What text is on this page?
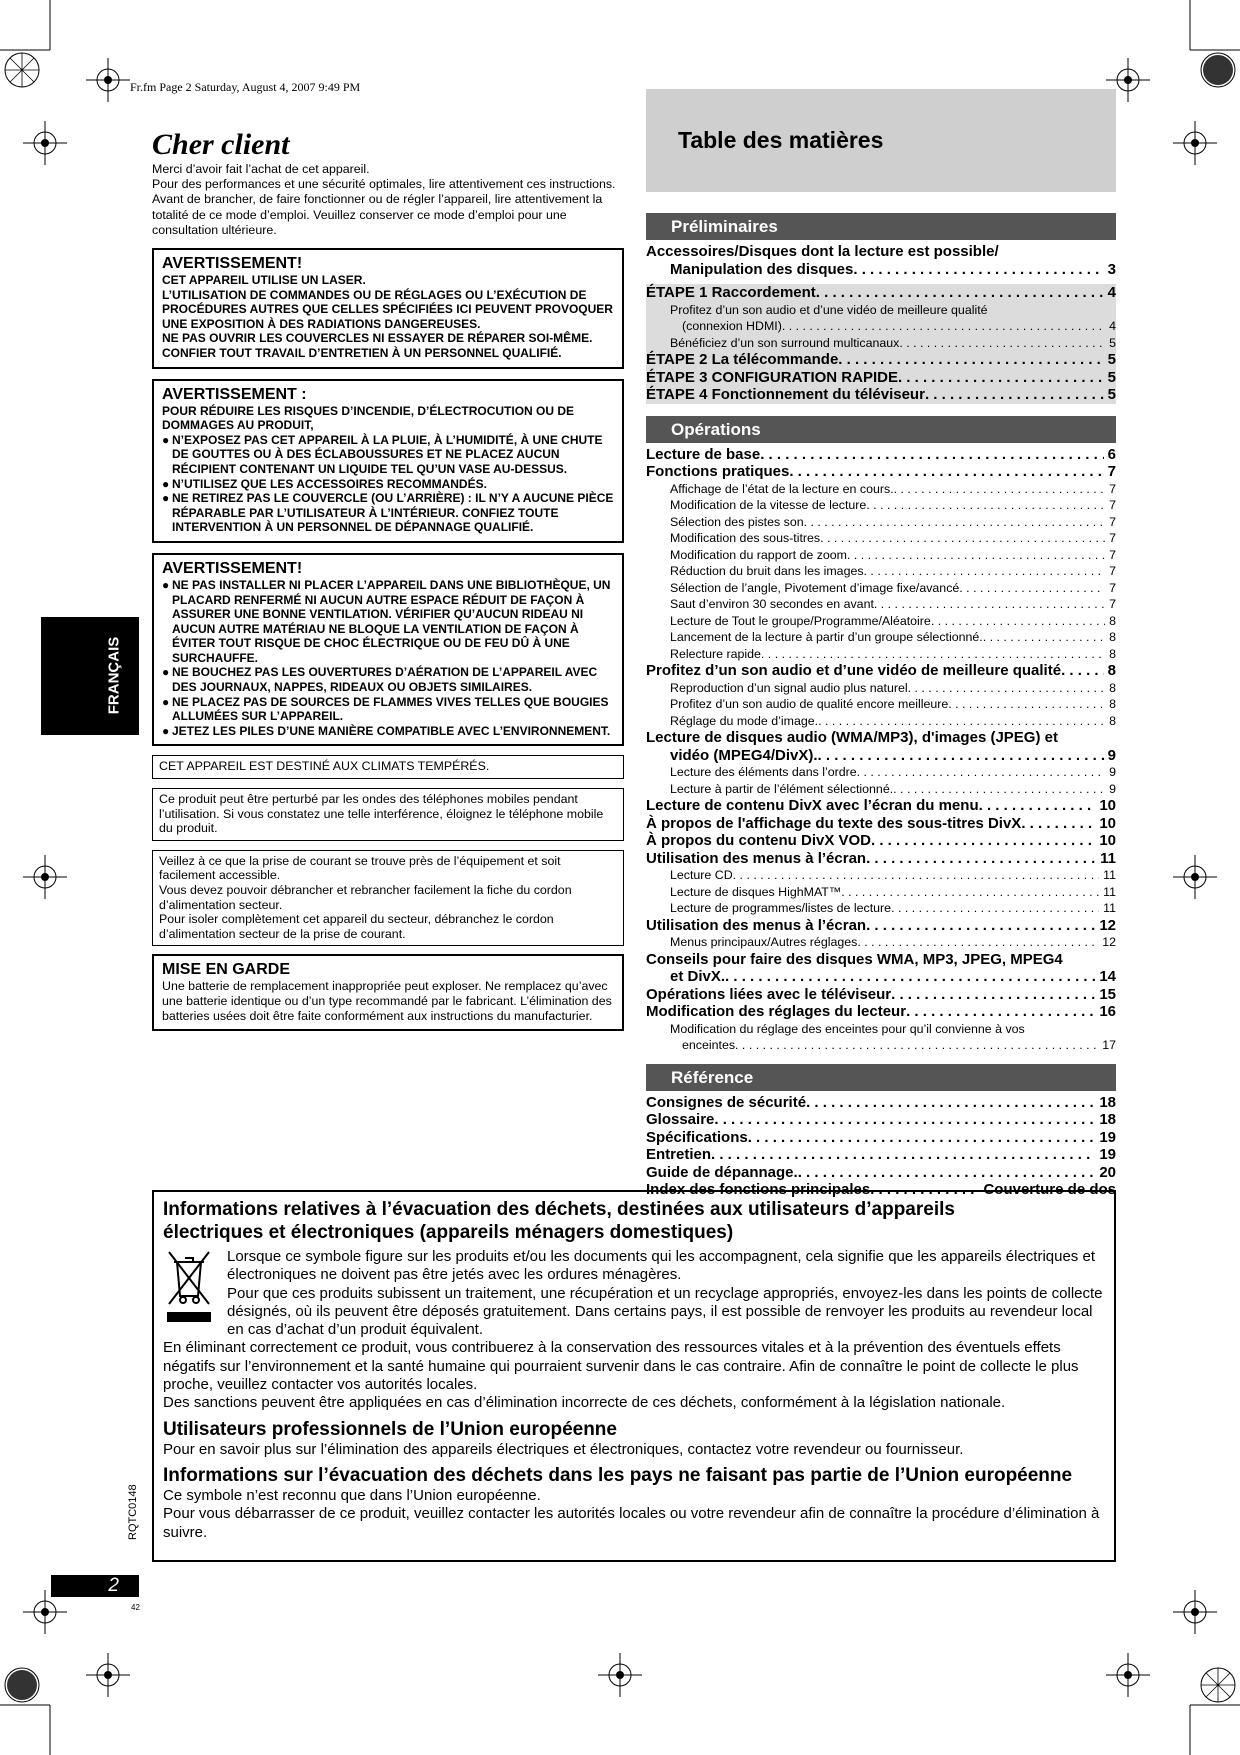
Fr.fm Page 2 Saturday, August 4, 2007 9:49 PM
FRANÇAIS
Cher client

Merci d’avoir fait l’achat de cet appareil.

Pour des performances et une sécurité optimales, lire attentivement ces instructions.

Avant de brancher, de faire fonctionner ou de régler l’appareil, lire attentivement la totalité de ce mode d’emploi. Veuillez conserver ce mode d’emploi pour une consultation ultérieure.

AVERTISSEMENT!
CET APPAREIL UTILISE UN LASER.
L’UTILISATION DE COMMANDES OU DE RÉGLAGES OU L’EXÉCUTION DE PROCÉDURES AUTRES QUE CELLES SPÉCIFIÉES ICI PEUVENT PROVOQUER UNE EXPOSITION À DES RADIATIONS DANGEREUSES.
NE PAS OUVRIR LES COUVERCLES NI ESSAYER DE RÉPARER SOI-MÊME. CONFIER TOUT TRAVAIL D’ENTRETIEN À UN PERSONNEL QUALIFIÉ.
AVERTISSEMENT :
POUR RÉDUIRE LES RISQUES D’INCENDIE, D’ÉLECTROCUTION OU DE DOMMAGES AU PRODUIT,
● N’EXPOSEZ PAS CET APPAREIL À LA PLUIE, À L’HUMIDITÉ, À UNE CHUTE DE GOUTTES OU À DES ÉCLABOUSSURES ET NE PLACEZ AUCUN RÉCIPIENT CONTENANT UN LIQUIDE TEL QU’UN VASE AU-DESSUS.
● N’UTILISEZ QUE LES ACCESSOIRES RECOMMANDÉS.
● NE RETIREZ PAS LE COUVERCLE (OU L’ARRIÈRE) : IL N’Y A AUCUNE PIÈCE RÉPARABLE PAR L’UTILISATEUR À L’INTÉRIEUR. CONFIEZ TOUTE INTERVENTION À UN PERSONNEL DE DÉPANNAGE QUALIFIÉ.
AVERTISSEMENT!
● NE PAS INSTALLER NI PLACER L’APPAREIL DANS UNE BIBLIOTHÈQUE, UN PLACARD RENFERMÉ NI AUCUN AUTRE ESPACE RÉDUIT DE FAÇON À ASSURER UNE BONNE VENTILATION. VÉRIFIER QU’AUCUN RIDEAU NI AUCUN AUTRE MATÉRIAU NE BLOQUE LA VENTILATION DE FAÇON À ÉVITER TOUT RISQUE DE CHOC ÉLECTRIQUE OU DE FEU DÛ À UNE SURCHAUFFE.
● NE BOUCHEZ PAS LES OUVERTURES D’AÉRATION DE L’APPAREIL AVEC DES JOURNAUX, NAPPES, RIDEAUX OU OBJETS SIMILAIRES.
● NE PLACEZ PAS DE SOURCES DE FLAMMES VIVES TELLES QUE BOUGIES ALLUMÉES SUR L’APPAREIL.
● JETEZ LES PILES D’UNE MANIÈRE COMPATIBLE AVEC L’ENVIRONNEMENT.
CET APPAREIL EST DESTINÉ AUX CLIMATS TEMPÉRÉS.
Ce produit peut être perturbé par les ondes des téléphones mobiles pendant l’utilisation. Si vous constatez une telle interférence, éloignez le téléphone mobile du produit.
Veillez à ce que la prise de courant se trouve près de l’équipement et soit facilement accessible.
Vous devez pouvoir débrancher et rebrancher facilement la fiche du cordon d’alimentation secteur.
Pour isoler complètement cet appareil du secteur, débranchez le cordon d’alimentation secteur de la prise de courant.
MISE EN GARDE
Une batterie de remplacement inappropriée peut exploser. Ne remplacez qu’avec une batterie identique ou d’un type recommandé par le fabricant. L’élimination des batteries usées doit être faite conformément aux instructions du manufacturier.
Table des matières
Préliminaires
Accessoires/Disques dont la lecture est possible/
Manipulation des disques . . .	3
ÉTAPE 1 Raccordement . . .	4
Profitez d’un son audio et d’une vidéo de meilleure qualité
(connexion HDMI) . . .	4
Bénéficiez d’un son surround multicanaux . . .	5
ÉTAPE 2 La télécommande . . .	5
ÉTAPE 3 CONFIGURATION RAPIDE . . .	5
ÉTAPE 4 Fonctionnement du téléviseur . . .	5
Opérations
Lecture de base . . .	6
Fonctions pratiques . . .	7
Affichage de l’état de la lecture en cours. . . .	7
Modification de la vitesse de lecture . . .	7
Sélection des pistes son . . .	7
Modification des sous-titres . . .	7
Modification du rapport de zoom . . .	7
Réduction du bruit dans les images . . .	7
Sélection de l’angle, Pivotement d’image fixe/avancé . . .	7
Saut d’environ 30 secondes en avant . . .	7
Lecture de Tout le groupe/Programme/Aléatoire . . .	8
Lancement de la lecture à partir d’un groupe sélectionné. . . .	8
Relecture rapide . . .	8
Profitez d’un son audio et d’une vidéo de meilleure qualité . . .	8
Reproduction d’un signal audio plus naturel . . .	8
Profitez d’un son audio de qualité encore meilleure . . .	8
Réglage du mode d’image. . . .	8
Lecture de disques audio (WMA/MP3), d'images (JPEG) et
vidéo (MPEG4/DivX). . . .	9
Lecture des éléments dans l’ordre . . .	9
Lecture à partir de l’élément sélectionné. . . .	9
Lecture de contenu DivX avec l’écran du menu . . .	10
À propos de l'affichage du texte des sous-titres DivX . . .	10
À propos du contenu DivX VOD . . .	10
Utilisation des menus à l’écran . . .	11
Lecture CD . . .	11
Lecture de disques HighMAT™ . . .	11
Lecture de programmes/listes de lecture . . .	11
Utilisation des menus à l’écran . . .	12
Menus principaux/Autres réglages . . .	12
Conseils pour faire des disques WMA, MP3, JPEG, MPEG4
et DivX. . . .	14
Opérations liées avec le téléviseur . . .	15
Modification des réglages du lecteur . . .	16
Modification du réglage des enceintes pour qu’il convienne à vos
enceintes . . .	17
Référence
Consignes de sécurité . . .	18
Glossaire . . .	18
Spécifications . . .	19
Entretien . . .	19
Guide de dépannage. . . .	20
Index des fonctions principales . . .	Couverture de dos
Informations relatives à l’évacuation des déchets, destinées aux utilisateurs d’appareils
électriques et électroniques (appareils ménagers domestiques)
Lorsque ce symbole figure sur les produits et/ou les documents qui les accompagnent, cela signifie que les appareils électriques et électroniques ne doivent pas être jetés avec les ordures ménagères.
Pour que ces produits subissent un traitement, une récupération et un recyclage appropriés, envoyez-les dans les points de collecte désignés, où ils peuvent être déposés gratuitement. Dans certains pays, il est possible de renvoyer les produits au revendeur local en cas d’achat d’un produit équivalent.
En éliminant correctement ce produit, vous contribuerez à la conservation des ressources vitales et à la prévention des éventuels effets négatifs sur l’environnement et la santé humaine qui pourraient survenir dans le cas contraire. Afin de connaître le point de collecte le plus proche, veuillez contacter vos autorités locales.
Des sanctions peuvent être appliquées en cas d’élimination incorrecte de ces déchets, conformément à la législation nationale.
Utilisateurs professionnels de l’Union européenne
Pour en savoir plus sur l’élimination des appareils électriques et électroniques, contactez votre revendeur ou fournisseur.
Informations sur l’évacuation des déchets dans les pays ne faisant pas partie de l’Union européenne
Ce symbole n’est reconnu que dans l’Union européenne.
Pour vous débarrasser de ce produit, veuillez contacter les autorités locales ou votre revendeur afin de connaître la procédure d’élimination à suivre.
RQTC0148
2
42
